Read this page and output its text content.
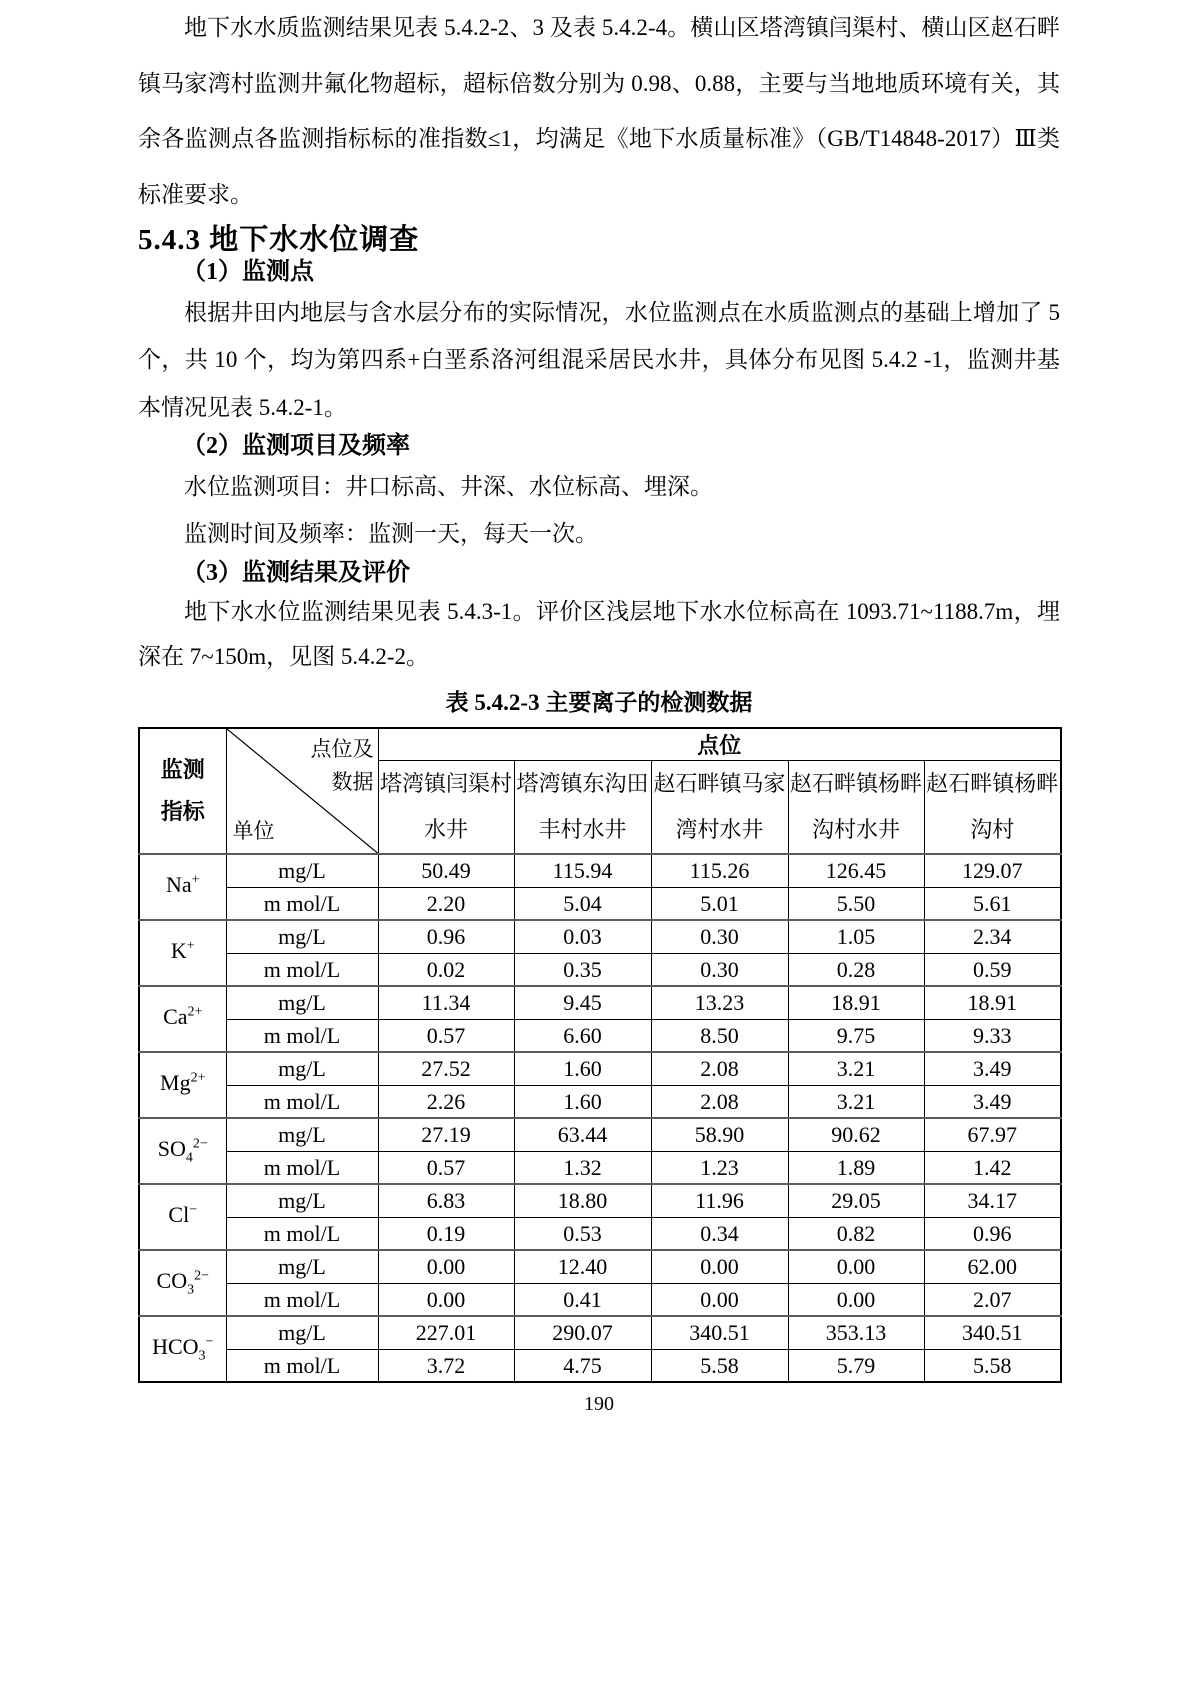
地下水水质监测结果见表 5.4.2-2、3 及表 5.4.2-4。横山区塔湾镇闫渠村、横山区赵石畔镇马家湾村监测井氟化物超标，超标倍数分别为 0.98、0.88，主要与当地地质环境有关，其余各监测点各监测指标标的准指数≤1，均满足《地下水质量标准》（GB/T14848-2017）Ⅲ类标准要求。

5.4.3 地下水水位调查
（1）监测点

根据井田内地层与含水层分布的实际情况，水位监测点在水质监测点的基础上增加了 5 个，共 10 个，均为第四系+白垩系洛河组混采居民水井，具体分布见图 5.4.2 -1，监测井基本情况见表 5.4.2-1。

（2）监测项目及频率

水位监测项目：井口标高、井深、水位标高、埋深。

监测时间及频率：监测一天，每天一次。

（3）监测结果及评价

地下水水位监测结果见表 5.4.3-1。评价区浅层地下水水位标高在 1093.71~1188.7m，埋深在 7~150m，见图 5.4.2-2。

表 5.4.2-3 主要离子的检测数据
监测指标	点位及
数据
单位	点位				
		塔湾镇闫渠村水井	塔湾镇东沟田丰村水井	赵石畔镇马家湾村水井	赵石畔镇杨畔沟村水井	赵石畔镇杨畔沟村
Na+	mg/L	50.49	115.94	115.26	126.45	129.07
	m mol/L	2.20	5.04	5.01	5.50	5.61
K+	mg/L	0.96	0.03	0.30	1.05	2.34
	m mol/L	0.02	0.35	0.30	0.28	0.59
$Ca^{2+}$	mg/L	11.34	9.45	13.23	18.91	18.91
	m mol/L	0.57	6.60	8.50	9.75	9.33
$Mg^{2+}$	mg/L	27.52	1.60	2.08	3.21	3.49
	m mol/L	2.26	1.60	2.08	3.21	3.49
$SO_4^{2-}$	mg/L	27.19	63.44	58.90	90.62	67.97
	m mol/L	0.57	1.32	1.23	1.89	1.42
Cl−	mg/L	6.83	18.80	11.96	29.05	34.17
	m mol/L	0.19	0.53	0.34	0.82	0.96
$CO_3^{2-}$	mg/L	0.00	12.40	0.00	0.00	62.00
	m mol/L	0.00	0.41	0.00	0.00	2.07
$HCO_3^-$	mg/L	227.01	290.07	340.51	353.13	340.51
	m mol/L	3.72	4.75	5.58	5.79	5.58
190
